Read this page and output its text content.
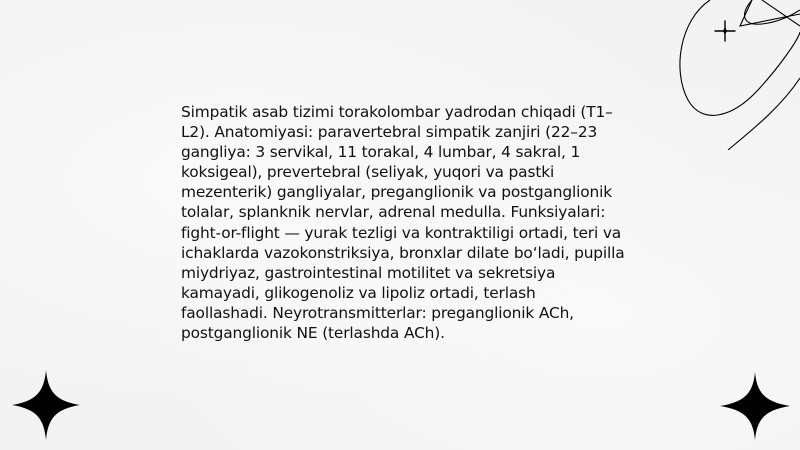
Simpatik asab tizimi torakolombar yadrodan chiqadi (T1–L2). Anatomiyasi: paravertebral simpatik zanjiri (22–23 gangliya: 3 servikal, 11 torakal, 4 lumbar, 4 sakral, 1 koksigeal), prevertebral (seliyak, yuqori va pastki mezenterik) gangliyalar, preganglionik va postganglionik tolalar, splanknik nervlar, adrenal medulla. Funksiyalari: fight-or-flight — yurak tezligi va kontraktiligi ortadi, teri va ichaklarda vazokonstriksiya, bronxlar dilate bo‘ladi, pupilla miydriyaz, gastrointestinal motilitet va sekretsiya kamayadi, glikogenoliz va lipoliz ortadi, terlash faollashadi. Neyrotransmitterlar: preganglionik ACh, postganglionik NE (terlashda ACh).
